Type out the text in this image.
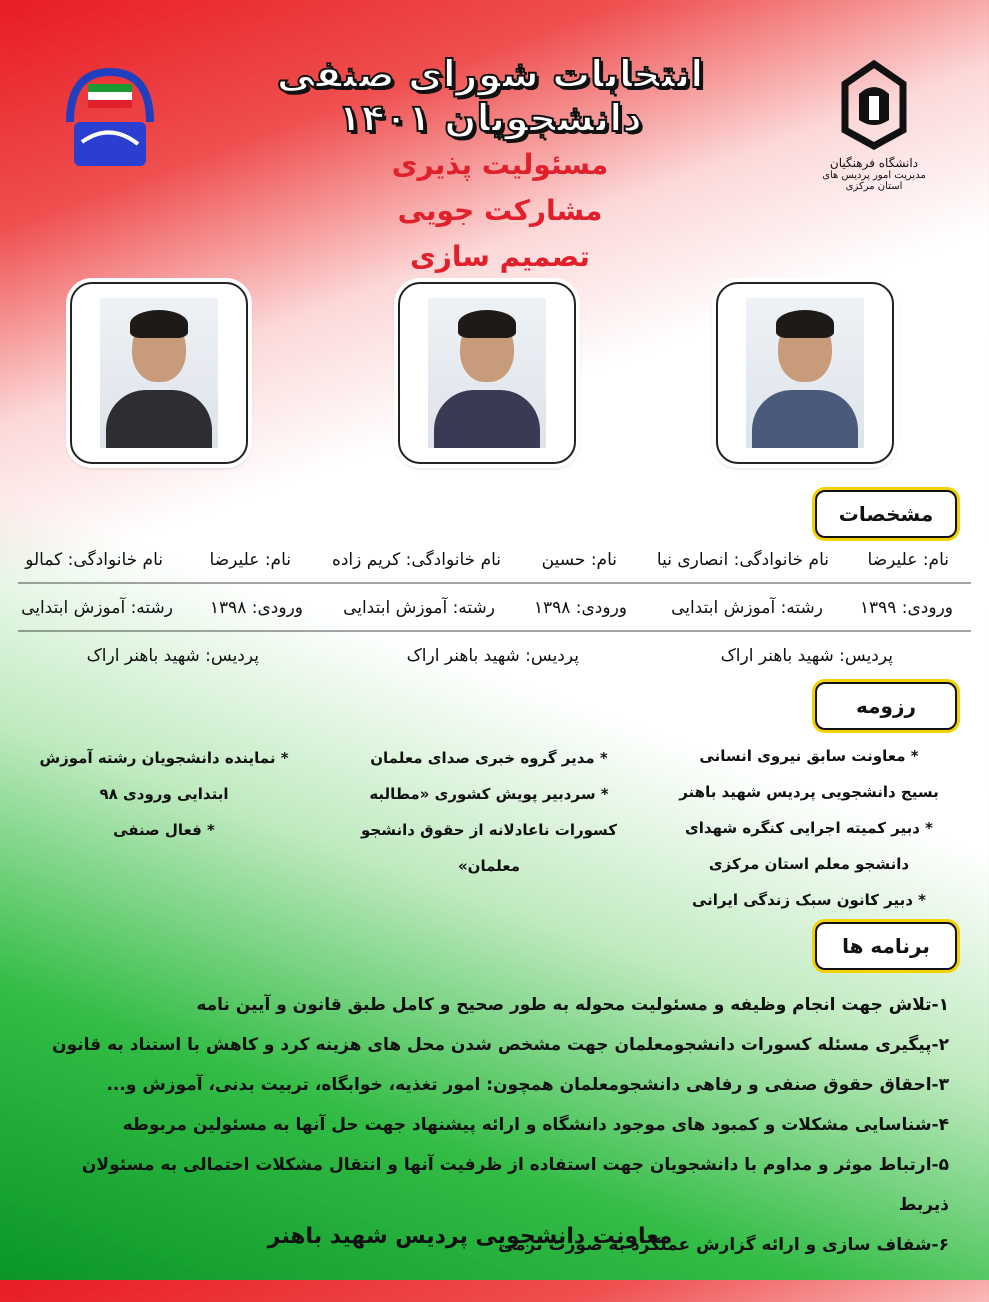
انتخابات شورای صنفی دانشجویان ۱۴۰۱
دانشگاه فرهنگیان
مدیریت امور پردیس های استان مرکزی
مسئولیت پذیری
مشارکت جویی
تصمیم سازی
مشخصات
نام: علیرضا
نام خانوادگی: انصاری نیا
نام: حسین
نام خانوادگی: کریم زاده
نام: علیرضا
نام خانوادگی: کمالو
ورودی: ۱۳۹۹
رشته: آموزش ابتدایی
ورودی: ۱۳۹۸
رشته: آموزش ابتدایی
ورودی: ۱۳۹۸
رشته: آموزش ابتدایی
پردیس: شهید باهنر اراک
پردیس: شهید باهنر اراک
پردیس: شهید باهنر اراک
رزومه
* معاونت سابق نیروی انسانی
بسیج دانشجویی پردیس شهید باهنر
* دبیر کمیته اجرایی کنگره شهدای
دانشجو معلم استان مرکزی
* دبیر کانون سبک زندگی ایرانی
* مدیر گروه خبری صدای معلمان
* سردبیر پویش کشوری «مطالبه
کسورات ناعادلانه از حقوق دانشجو
معلمان»
* نماینده دانشجویان رشته آموزش
ابتدایی ورودی ۹۸
* فعال صنفی
برنامه ها
۱-تلاش جهت انجام وظیفه و مسئولیت محوله به طور صحیح و کامل طبق قانون و آیین نامه
۲-پیگیری مسئله کسورات دانشجومعلمان جهت مشخص شدن محل های هزینه کرد و کاهش با استناد به قانون
۳-احقاق حقوق صنفی و رفاهی دانشجومعلمان همچون: امور تغذیه، خوابگاه، تربیت بدنی، آموزش و...
۴-شناسایی مشکلات و کمبود های موجود دانشگاه و ارائه پیشنهاد جهت حل آنها به مسئولین مربوطه
۵-ارتباط موثر و مداوم با دانشجویان جهت استفاده از ظرفیت آنها و انتقال مشکلات احتمالی به مسئولان ذیربط
۶-شفاف سازی و ارائه گزارش عملکرد به صورت ترمی
معاونت دانشجویی پردیس شهید باهنر
